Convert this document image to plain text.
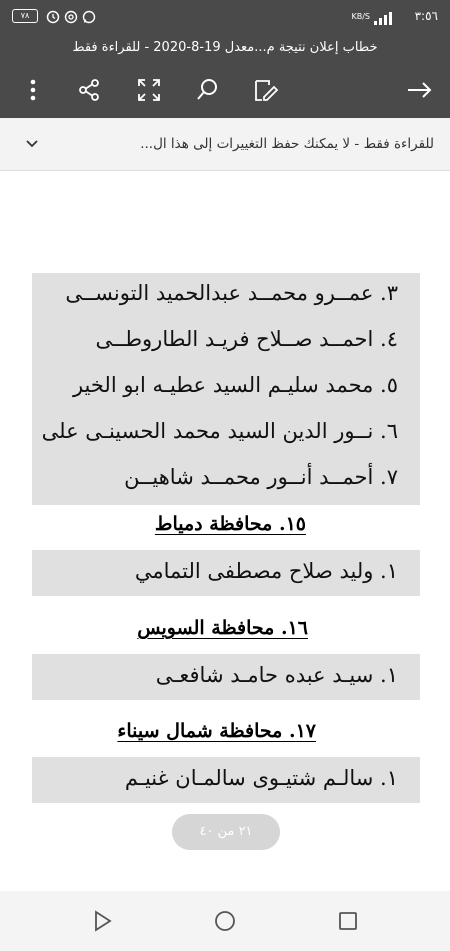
٣:٥٦
KB/S
٧٨
خطاب إعلان نتيجة م...معدل 19-8-2020 - للقراءة فقط
للقراءة فقط - لا يمكنك حفظ التغييرات إلى هذا ال...
٣. عمــرو محمــد عبدالحميد التونســى
٤. احمــد صــلاح فريـد الطاروطــى
٥. محمد سليـم السيد عطيـه ابو الخير
٦. نــور الدين السيد محمد الحسينـى على
٧. أحمــد أنــور محمــد شاهيــن
١٥. محافظة دمياط
١. وليد صلاح مصطفى التمامي
١٦. محافظة السويس
١. سيـد عبده حامـد شافعـى
١٧. محافظة شمال سيناء
١. سالـم شتيـوى سالمـان غنيـم
٢١ من ٤٠
